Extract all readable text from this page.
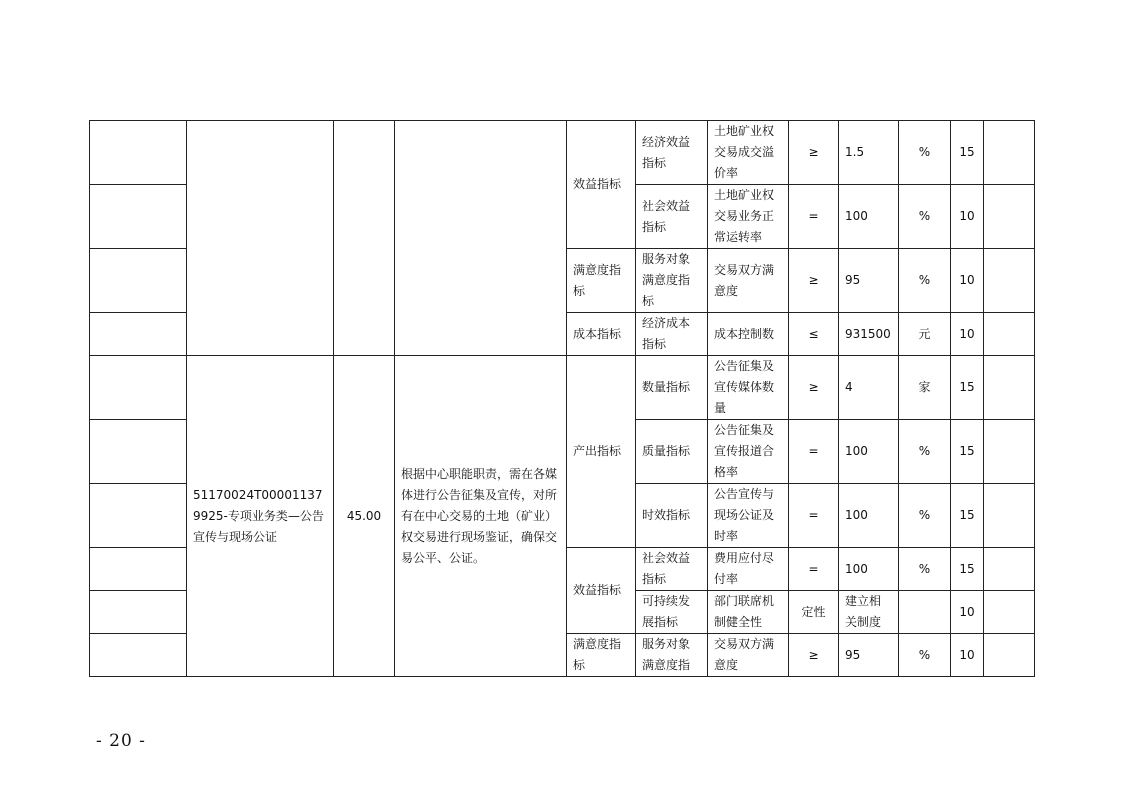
				效益指标	经济效益指标	土地矿业权交易成交溢价率	≥	1.5	%	15	
					社会效益指标	土地矿业权交易业务正常运转率	=	100	%	10	
				满意度指标	服务对象满意度指标	交易双方满意度	≥	95	%	10	
				成本指标	经济成本指标	成本控制数	≤	931500	元	10	
	51170024T000011379925-专项业务类—公告宣传与现场公证	45.00	根据中心职能职责，需在各媒体进行公告征集及宣传，对所有在中心交易的土地（矿业）权交易进行现场鉴证，确保交易公平、公证。	产出指标	数量指标	公告征集及宣传媒体数量	≥	4	家	15	
					质量指标	公告征集及宣传报道合格率	=	100	%	15	
					时效指标	公告宣传与现场公证及时率	=	100	%	15	
				效益指标	社会效益指标	费用应付尽付率	=	100	%	15	
					可持续发展指标	部门联席机制健全性	定性	建立相关制度		10	
				满意度指标	服务对象满意度指	交易双方满意度	≥	95	%	10	
- 20 -
